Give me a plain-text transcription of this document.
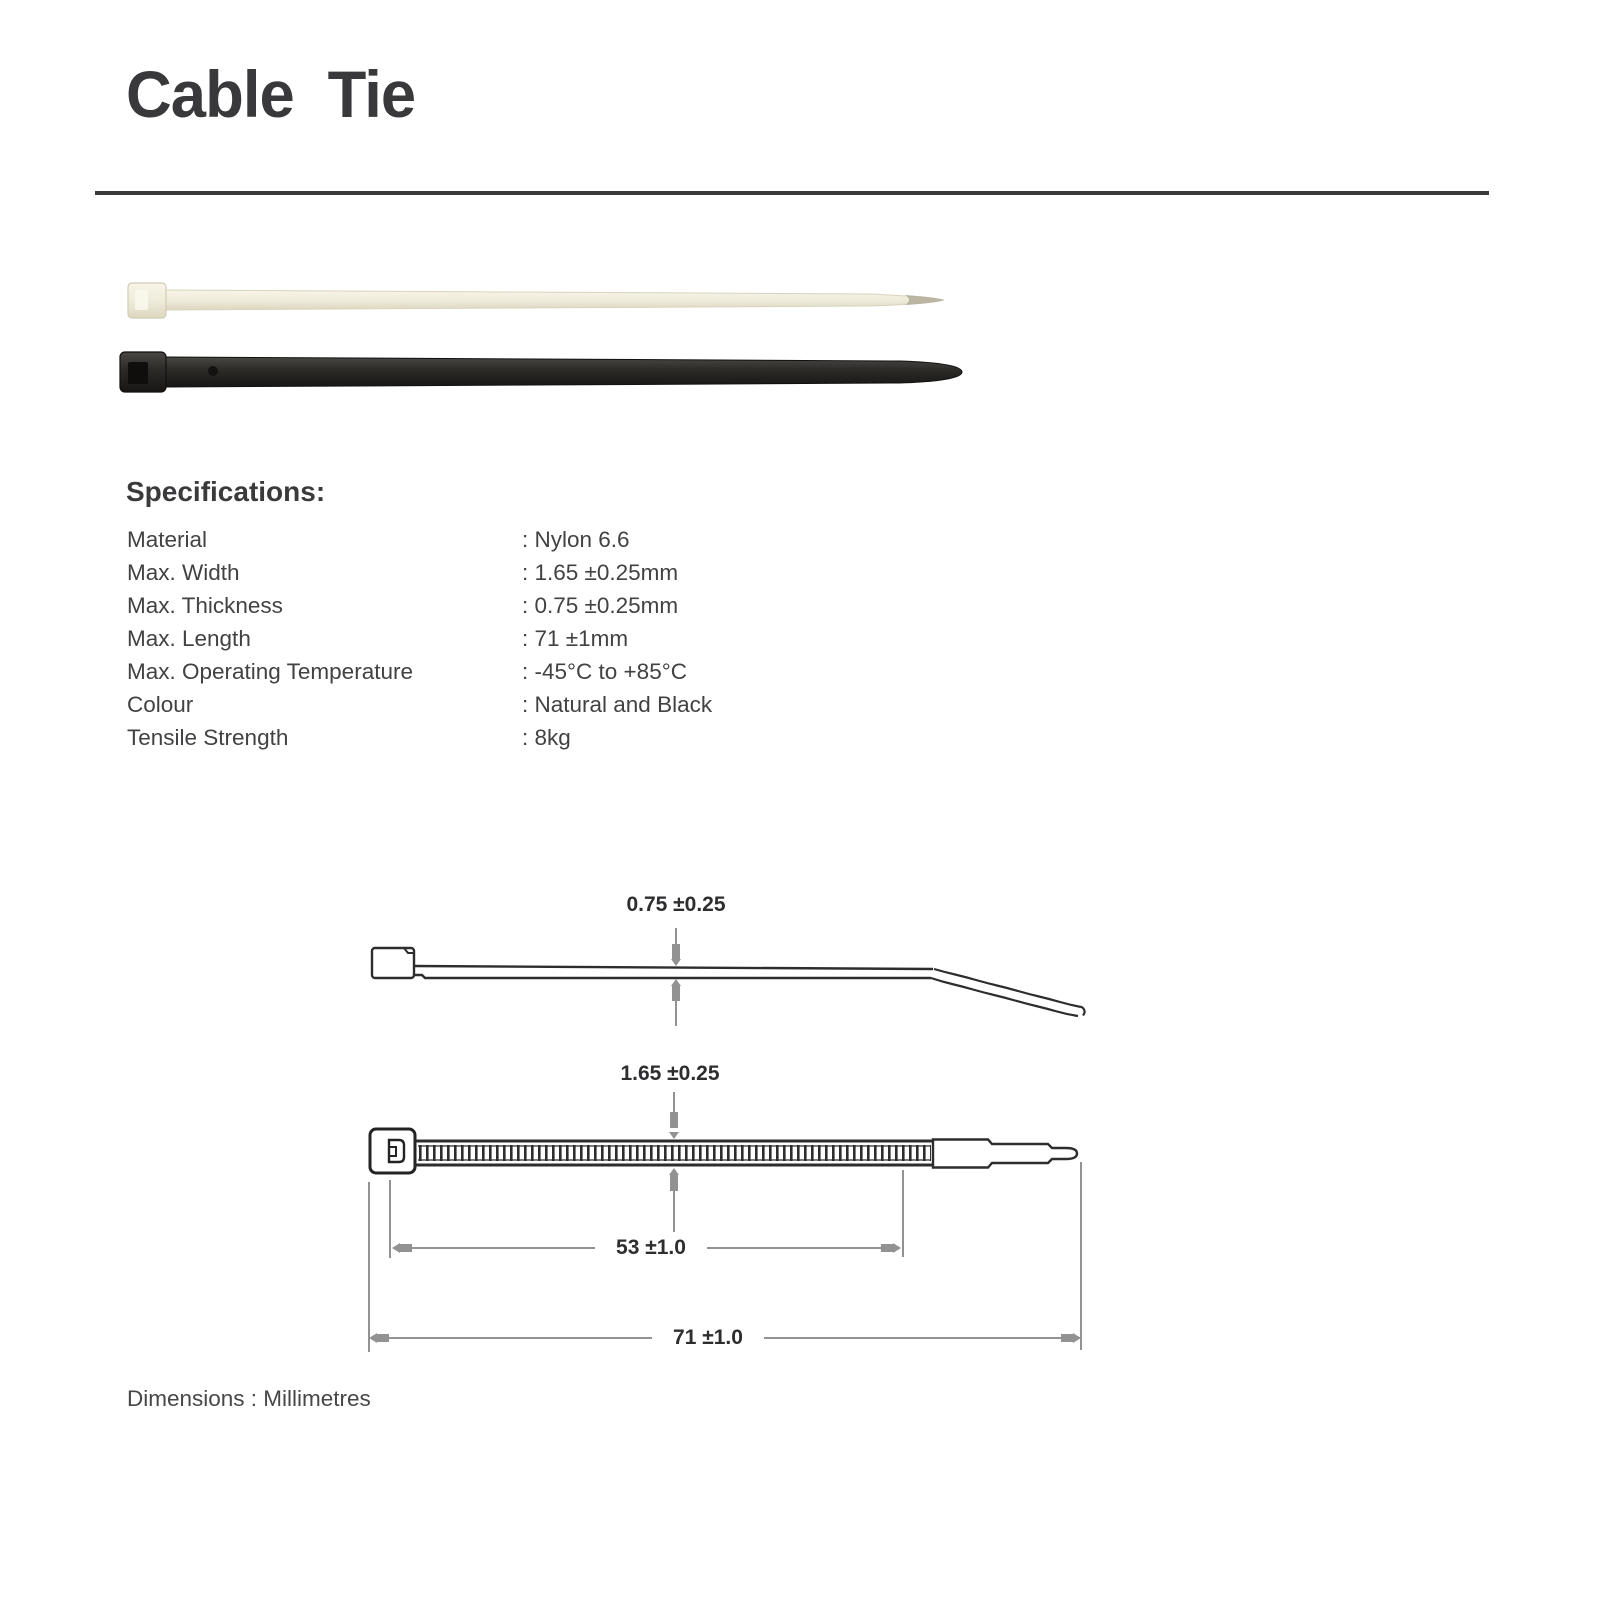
Cable Tie
Specifications:
Material	: Nylon 6.6
Max. Width	: 1.65 ±0.25mm
Max. Thickness	: 0.75 ±0.25mm
Max. Length	: 71 ±1mm
Max. Operating Temperature	: -45°C to +85°C
Colour	: Natural and Black
Tensile Strength	: 8kg
0.75 ±0.25
1.65 ±0.25
53 ±1.0
71 ±1.0
Dimensions : Millimetres
